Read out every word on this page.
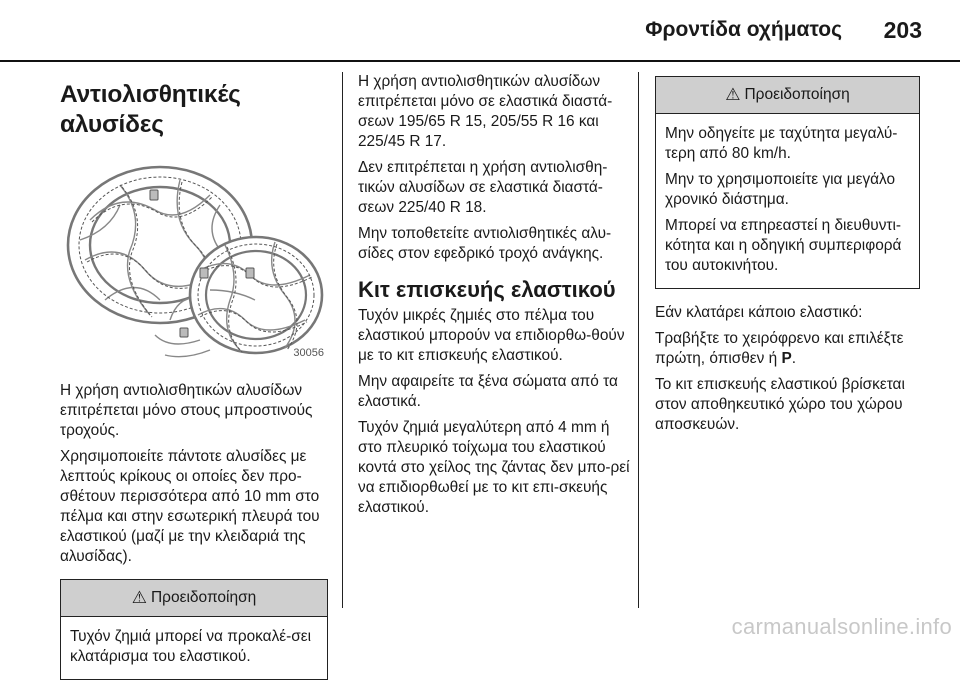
Φροντίδα οχήματος 203
Αντιολισθητικές αλυσίδες
30056

Η χρήση αντιολισθητικών αλυσίδων επιτρέπεται μόνο στους μπροστινούς τροχούς.

Χρησιμοποιείτε πάντοτε αλυσίδες με λεπτούς κρίκους οι οποίες δεν προ-σθέτουν περισσότερα από 10 mm στο πέλμα και στην εσωτερική πλευρά του ελαστικού (μαζί με την κλειδαριά της αλυσίδας).

⚠ Προειδοποίηση

Τυχόν ζημιά μπορεί να προκαλέ-σει κλατάρισμα του ελαστικού.

Η χρήση αντιολισθητικών αλυσίδων επιτρέπεται μόνο σε ελαστικά διαστά-σεων 195/65 R 15, 205/55 R 16 και 225/45 R 17.

Δεν επιτρέπεται η χρήση αντιολισθη-τικών αλυσίδων σε ελαστικά διαστά-σεων 225/40 R 18.

Μην τοποθετείτε αντιολισθητικές αλυ-σίδες στον εφεδρικό τροχό ανάγκης.

Κιτ επισκευής ελαστικού

Τυχόν μικρές ζημιές στο πέλμα του ελαστικού μπορούν να επιδιορθω-θούν με το κιτ επισκευής ελαστικού.

Μην αφαιρείτε τα ξένα σώματα από τα ελαστικά.

Τυχόν ζημιά μεγαλύτερη από 4 mm ή στο πλευρικό τοίχωμα του ελαστικού κοντά στο χείλος της ζάντας δεν μπο-ρεί να επιδιορθωθεί με το κιτ επι-σκευής ελαστικού.

⚠ Προειδοποίηση

Μην οδηγείτε με ταχύτητα μεγαλύ-τερη από 80 km/h.

Μην το χρησιμοποιείτε για μεγάλο χρονικό διάστημα.

Μπορεί να επηρεαστεί η διευθυντι-κότητα και η οδηγική συμπεριφορά του αυτοκινήτου.

Εάν κλατάρει κάποιο ελαστικό:

Τραβήξτε το χειρόφρενο και επιλέξτε πρώτη, όπισθεν ή P.

Το κιτ επισκευής ελαστικού βρίσκεται στον αποθηκευτικό χώρο του χώρου αποσκευών.

carmanualsonline.info
